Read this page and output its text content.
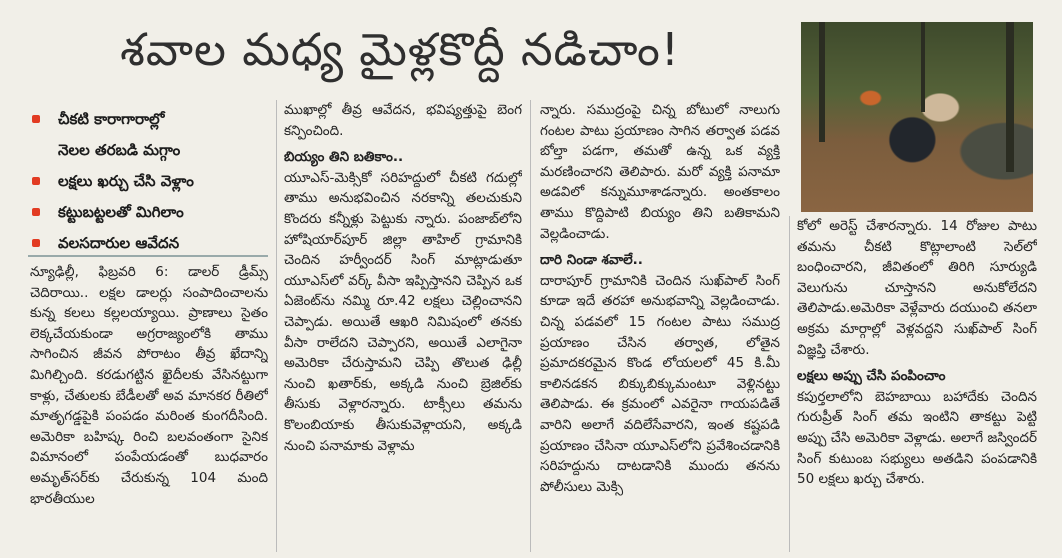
శవాల మధ్య మైళ్లకొద్దీ నడిచాం!
చీకటి కారాగారాల్లో
నెలల తరబడి మగ్గాం
లక్షలు ఖర్చు చేసి వెళ్లాం
కట్టుబట్టలతో మిగిలాం
వలసదారుల ఆవేదన

న్యూఢిల్లీ, ఫిబ్రవరి 6: డాలర్ డ్రీమ్స్ చెదిరాయి.. లక్షల డాలర్లు సంపాదించాలను కున్న కలలు కల్లలయ్యాయి. ప్రాణాలు సైతం లెక్కచేయకుండా అగ్రరాజ్యంలోకి తాము సాగించిన జీవన పోరాటం తీవ్ర ఖేదాన్ని మిగిల్చింది. కరడుగట్టిన ఖైదీలకు వేసినట్టుగా కాళ్లు, చేతులకు బేడీలతో అవ మానకర రీతిలో మాతృగడ్డపైకి పంపడం మరింత కుంగదీసింది. అమెరికా బహిష్క రించి బలవంతంగా సైనిక విమానంలో పంపేయడంతో బుధవారం అమృత్‌సర్‌కు చేరుకున్న 104 మంది భారతీయుల

ముఖాల్లో తీవ్ర ఆవేదన, భవిష్యత్తుపై బెంగ కన్పించింది.

బియ్యం తిని బతికాం..

యూఎస్-మెక్సికో సరిహద్దులో చీకటి గదుల్లో తాము అనుభవించిన నరకాన్ని తలచుకుని కొందరు కన్నీళ్లు పెట్టుకు న్నారు. పంజాబ్‌లోని హోషియార్‌పూర్ జిల్లా తాహిల్ గ్రామానికి చెందిన హర్వీందర్ సింగ్ మాట్లాడుతూ యూఎస్‌లో వర్క్ వీసా ఇప్పిస్తానని చెప్పిన ఒక ఏజెంట్‌ను నమ్మి రూ.42 లక్షలు చెల్లించానని చెప్పాడు. అయితే ఆఖరి నిమిషంలో తనకు వీసా రాలేదని చెప్పారని, అయితే ఎలాగైనా అమెరికా చేరుస్తామని చెప్పి తొలుత ఢిల్లీ నుంచి ఖతార్‌కు, అక్కడి నుంచి బ్రెజిల్‌కు తీసుకు వెళ్లారన్నారు. టాక్సీలు తమను కొలంబియాకు తీసుకువెళ్లాయని, అక్కడి నుంచి పనామాకు వెళ్లామ

న్నారు. సముద్రంపై చిన్న బోటులో నాలుగు గంటల పాటు ప్రయాణం సాగిన తర్వాత పడవ బోల్తా పడగా, తమతో ఉన్న ఒక వ్యక్తి మరణించారని తెలిపారు. మరో వ్యక్తి పనామా అడవిలో కన్నుమూశాడన్నారు. అంతకాలం తాము కొద్దిపాటి బియ్యం తిని బతికామని వెల్లడించాడు.

దారి నిండా శవాలే..

దారాపూర్ గ్రామానికి చెందిన సుఖ్‌పాల్ సింగ్ కూడా ఇదే తరహా అనుభవాన్ని వెల్లడించాడు. చిన్న పడవలో 15 గంటల పాటు సముద్ర ప్రయాణం చేసిన తర్వాత, లోతైన ప్రమాదకరమైన కొండ లోయలలో 45 కి.మీ కాలినడకన బిక్కుబిక్కుమంటూ వెళ్లినట్టు తెలిపాడు. ఈ క్రమంలో ఎవరైనా గాయపడితే వారిని అలాగే వదిలేసేవారని, ఇంత కష్టపడి ప్రయాణం చేసినా యూఎస్‌లోని ప్రవేశించడానికి సరిహద్దును దాటడానికి ముందు తనను పోలీసులు మెక్సి

కోలో అరెస్ట్ చేశారన్నారు. 14 రోజుల పాటు తమను చీకటి కొట్లాలాంటి సెల్‌లో బంధించారని, జీవితంలో తిరిగి సూర్యుడి వెలుగును చూస్తానని అనుకోలేదని తెలిపాడు.అమెరికా వెళ్లేవారు దయుంచి తనలా అక్రమ మార్గాల్లో వెళ్లవద్దని సుఖ్‌పాల్ సింగ్ విజ్ఞప్తి చేశారు.

లక్షలు అప్పు చేసి పంపించాం

కపుర్తలాలోని బెహబాయి బహాదేకు చెందిన గురుప్రీత్ సింగ్ తమ ఇంటిని తాకట్టు పెట్టి అప్పు చేసి అమెరికా వెళ్లాడు. అలాగే జస్విందర్ సింగ్ కుటుంబ సభ్యులు అతడిని పంపడానికి 50 లక్షలు ఖర్చు చేశారు.
